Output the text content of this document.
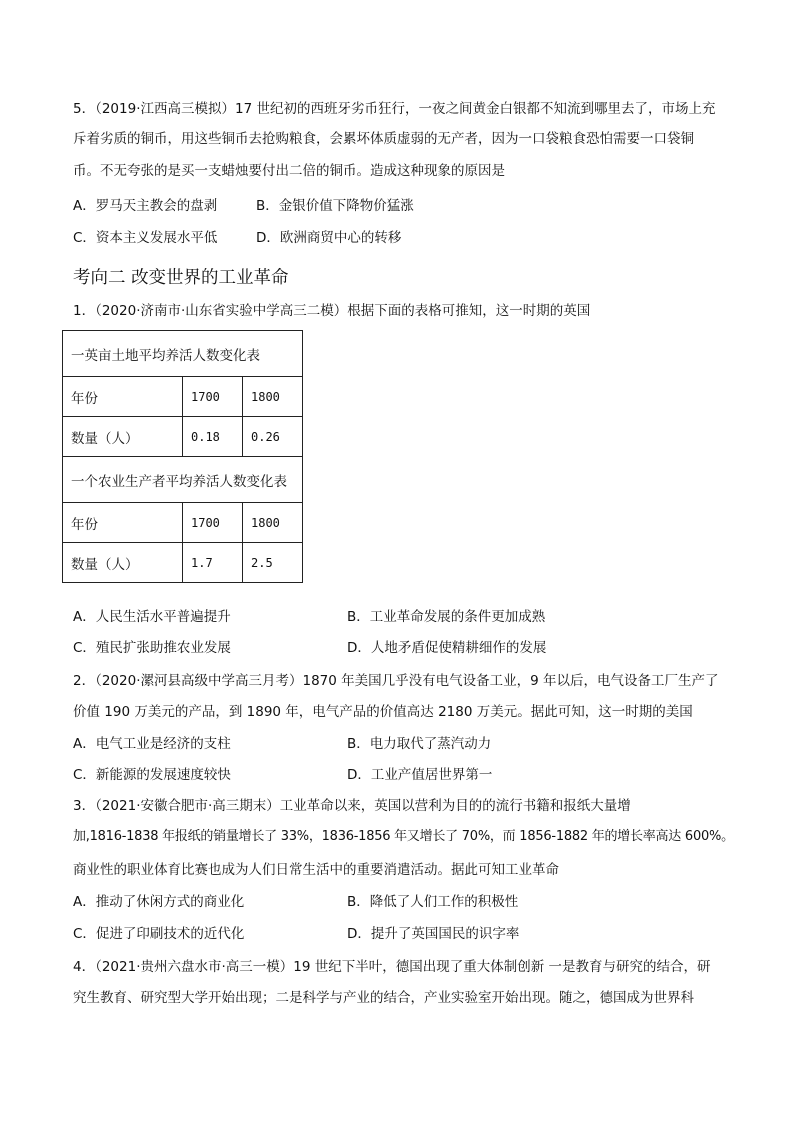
5．（2019·江西高三模拟）17 世纪初的西班牙劣币狂行，一夜之间黄金白银都不知流到哪里去了，市场上充
斥着劣质的铜币，用这些铜币去抢购粮食，会累坏体质虚弱的无产者，因为一口袋粮食恐怕需要一口袋铜
币。不无夸张的是买一支蜡烛要付出二倍的铜币。造成这种现象的原因是
A．罗马天主教会的盘剥	B．金银价值下降物价猛涨
C．资本主义发展水平低	D．欧洲商贸中心的转移
考向二 改变世界的工业革命
1．（2020·济南市·山东省实验中学高三二模）根据下面的表格可推知，这一时期的英国
一英亩土地平均养活人数变化表		
年份	1700	1800
数量（人）	0.18	0.26
一个农业生产者平均养活人数变化表		
年份	1700	1800
数量（人）	1.7	2.5
A．人民生活水平普遍提升	B．工业革命发展的条件更加成熟
C．殖民扩张助推农业发展	D．人地矛盾促使精耕细作的发展
2．（2020·漯河县高级中学高三月考）1870 年美国几乎没有电气设备工业，9 年以后，电气设备工厂生产了
价值 190 万美元的产品，到 1890 年，电气产品的价值高达 2180 万美元。据此可知，这一时期的美国
A．电气工业是经济的支柱	B．电力取代了蒸汽动力
C．新能源的发展速度较快	D．工业产值居世界第一
3．（2021·安徽合肥市·高三期末）工业革命以来，英国以营利为目的的流行书籍和报纸大量增
加,1816-1838 年报纸的销量增长了 33%，1836-1856 年又增长了 70%，而 1856-1882 年的增长率高达 600%。
商业性的职业体育比赛也成为人们日常生活中的重要消遣活动。据此可知工业革命
A．推动了休闲方式的商业化	B．降低了人们工作的积极性
C．促进了印刷技术的近代化	D．提升了英国国民的识字率
4．（2021·贵州六盘水市·高三一模）19 世纪下半叶，德国出现了重大体制创新 一是教育与研究的结合，研
究生教育、研究型大学开始出现；二是科学与产业的结合，产业实验室开始出现。随之，德国成为世界科
